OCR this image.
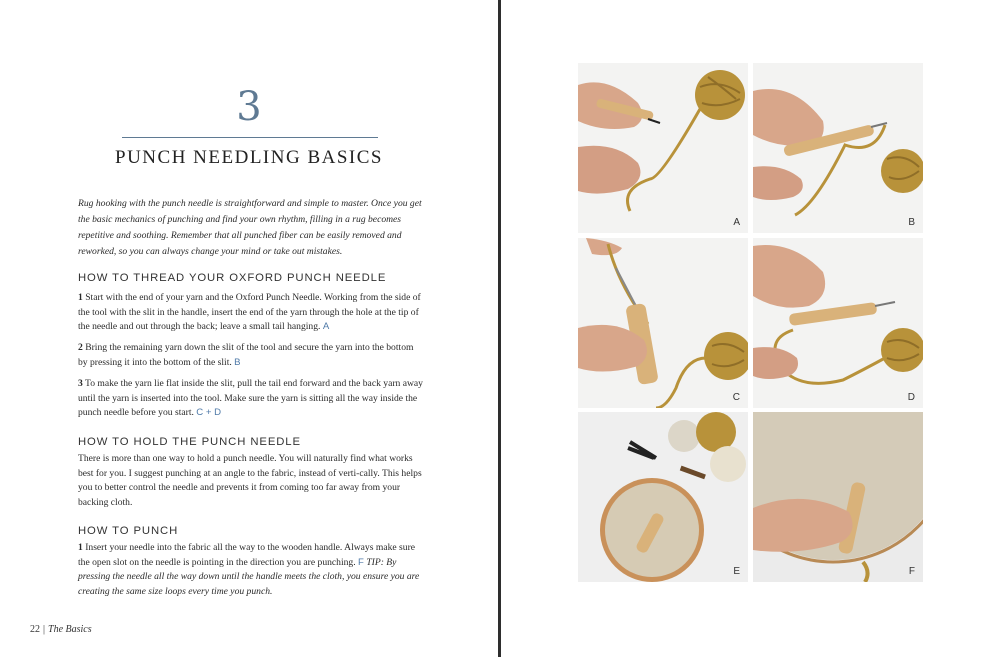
3
PUNCH NEEDLING BASICS
Rug hooking with the punch needle is straightforward and simple to master. Once you get the basic mechanics of punching and find your own rhythm, filling in a rug becomes repetitive and soothing. Remember that all punched fiber can be easily removed and reworked, so you can always change your mind or take out mistakes.
HOW TO THREAD YOUR OXFORD PUNCH NEEDLE
1 Start with the end of your yarn and the Oxford Punch Needle. Working from the side of the tool with the slit in the handle, insert the end of the yarn through the hole at the tip of the needle and out through the back; leave a small tail hanging. A
2 Bring the remaining yarn down the slit of the tool and secure the yarn into the bottom by pressing it into the bottom of the slit. B
3 To make the yarn lie flat inside the slit, pull the tail end forward and the back yarn away until the yarn is inserted into the tool. Make sure the yarn is sitting all the way inside the punch needle before you start. C + D
HOW TO HOLD THE PUNCH NEEDLE
There is more than one way to hold a punch needle. You will naturally find what works best for you. I suggest punching at an angle to the fabric, instead of verti-cally. This helps you to better control the needle and prevents it from coming too far away from your backing cloth.
HOW TO PUNCH
1 Insert your needle into the fabric all the way to the wooden handle. Always make sure the open slot on the needle is pointing in the direction you are punching. F TIP: By pressing the needle all the way down until the handle meets the cloth, you ensure you are creating the same size loops every time you punch.
22 | The Basics
A	B
C	D
E	F
